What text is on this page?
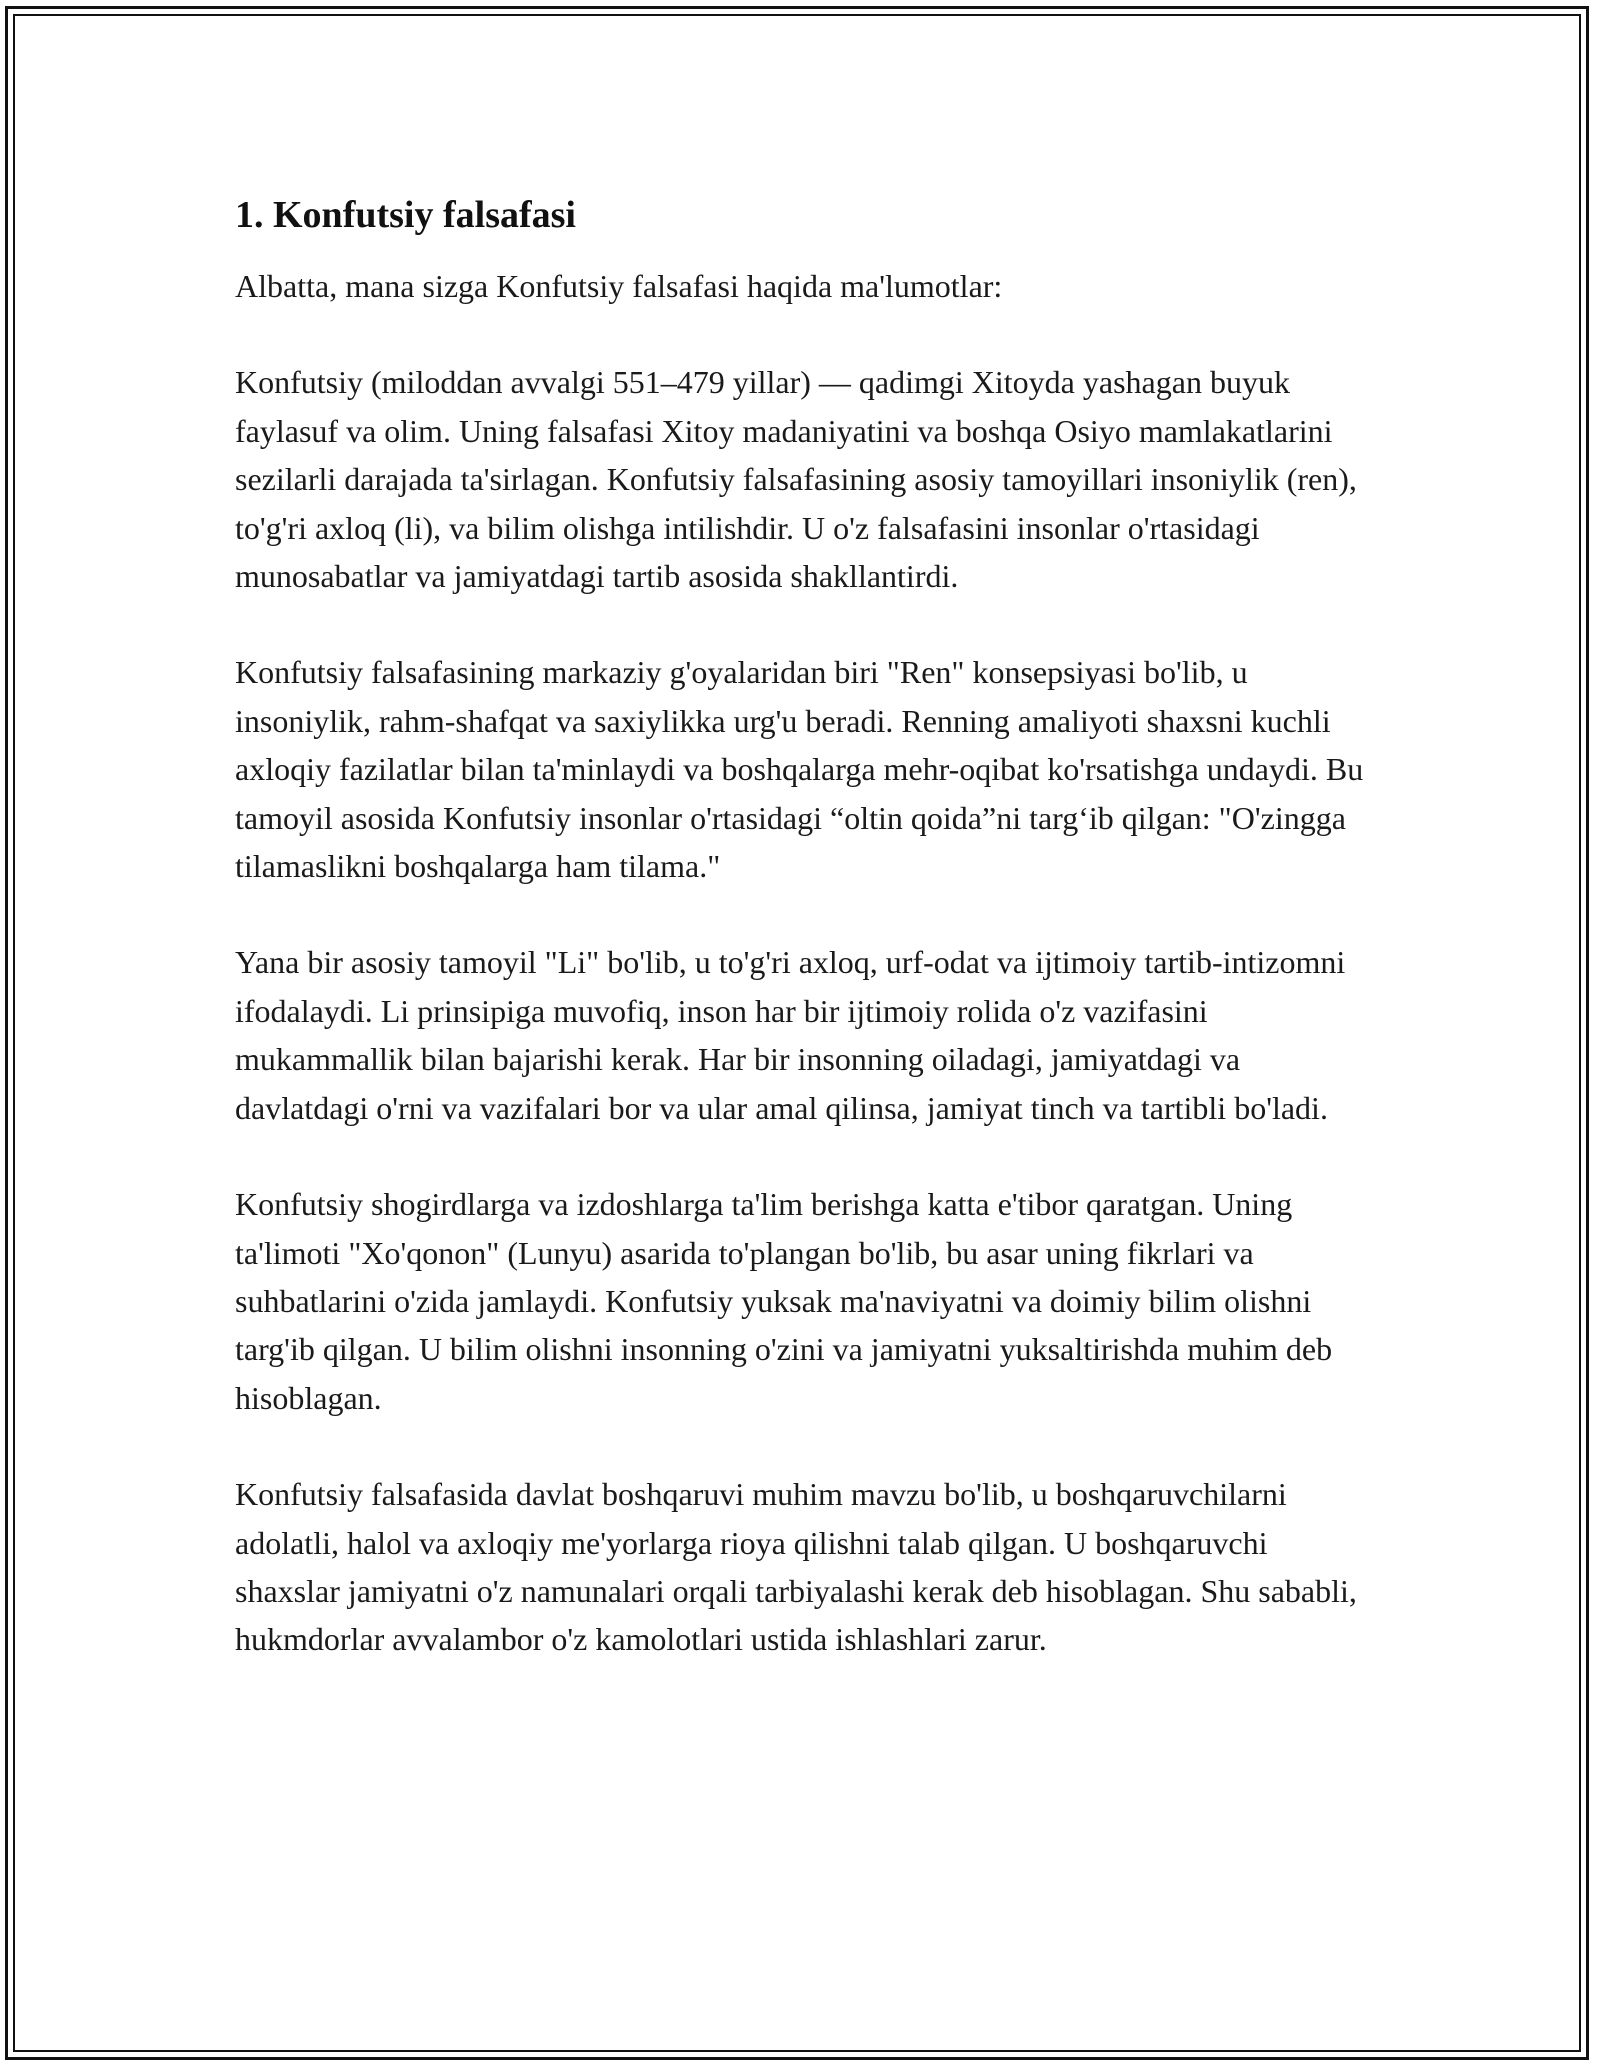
1. Konfutsiy falsafasi

Albatta, mana sizga Konfutsiy falsafasi haqida ma'lumotlar:

Konfutsiy (miloddan avvalgi 551–479 yillar) — qadimgi Xitoyda yashagan buyuk faylasuf va olim. Uning falsafasi Xitoy madaniyatini va boshqa Osiyo mamlakatlarini sezilarli darajada ta'sirlagan. Konfutsiy falsafasining asosiy tamoyillari insoniylik (ren), to'g'ri axloq (li), va bilim olishga intilishdir. U o'z falsafasini insonlar o'rtasidagi munosabatlar va jamiyatdagi tartib asosida shakllantirdi.

Konfutsiy falsafasining markaziy g'oyalaridan biri "Ren" konsepsiyasi bo'lib, u insoniylik, rahm-shafqat va saxiylikka urg'u beradi. Renning amaliyoti shaxsni kuchli axloqiy fazilatlar bilan ta'minlaydi va boshqalarga mehr-oqibat ko'rsatishga undaydi. Bu tamoyil asosida Konfutsiy insonlar o'rtasidagi “oltin qoida”ni targ‘ib qilgan: "O'zingga tilamaslikni boshqalarga ham tilama."

Yana bir asosiy tamoyil "Li" bo'lib, u to'g'ri axloq, urf-odat va ijtimoiy tartib-intizomni ifodalaydi. Li prinsipiga muvofiq, inson har bir ijtimoiy rolida o'z vazifasini mukammallik bilan bajarishi kerak. Har bir insonning oiladagi, jamiyatdagi va davlatdagi o'rni va vazifalari bor va ular amal qilinsa, jamiyat tinch va tartibli bo'ladi.

Konfutsiy shogirdlarga va izdoshlarga ta'lim berishga katta e'tibor qaratgan. Uning ta'limoti "Xo'qonon" (Lunyu) asarida to'plangan bo'lib, bu asar uning fikrlari va suhbatlarini o'zida jamlaydi. Konfutsiy yuksak ma'naviyatni va doimiy bilim olishni targ'ib qilgan. U bilim olishni insonning o'zini va jamiyatni yuksaltirishda muhim deb hisoblagan.

Konfutsiy falsafasida davlat boshqaruvi muhim mavzu bo'lib, u boshqaruvchilarni adolatli, halol va axloqiy me'yorlarga rioya qilishni talab qilgan. U boshqaruvchi shaxslar jamiyatni o'z namunalari orqali tarbiyalashi kerak deb hisoblagan. Shu sababli, hukmdorlar avvalambor o'z kamolotlari ustida ishlashlari zarur.
